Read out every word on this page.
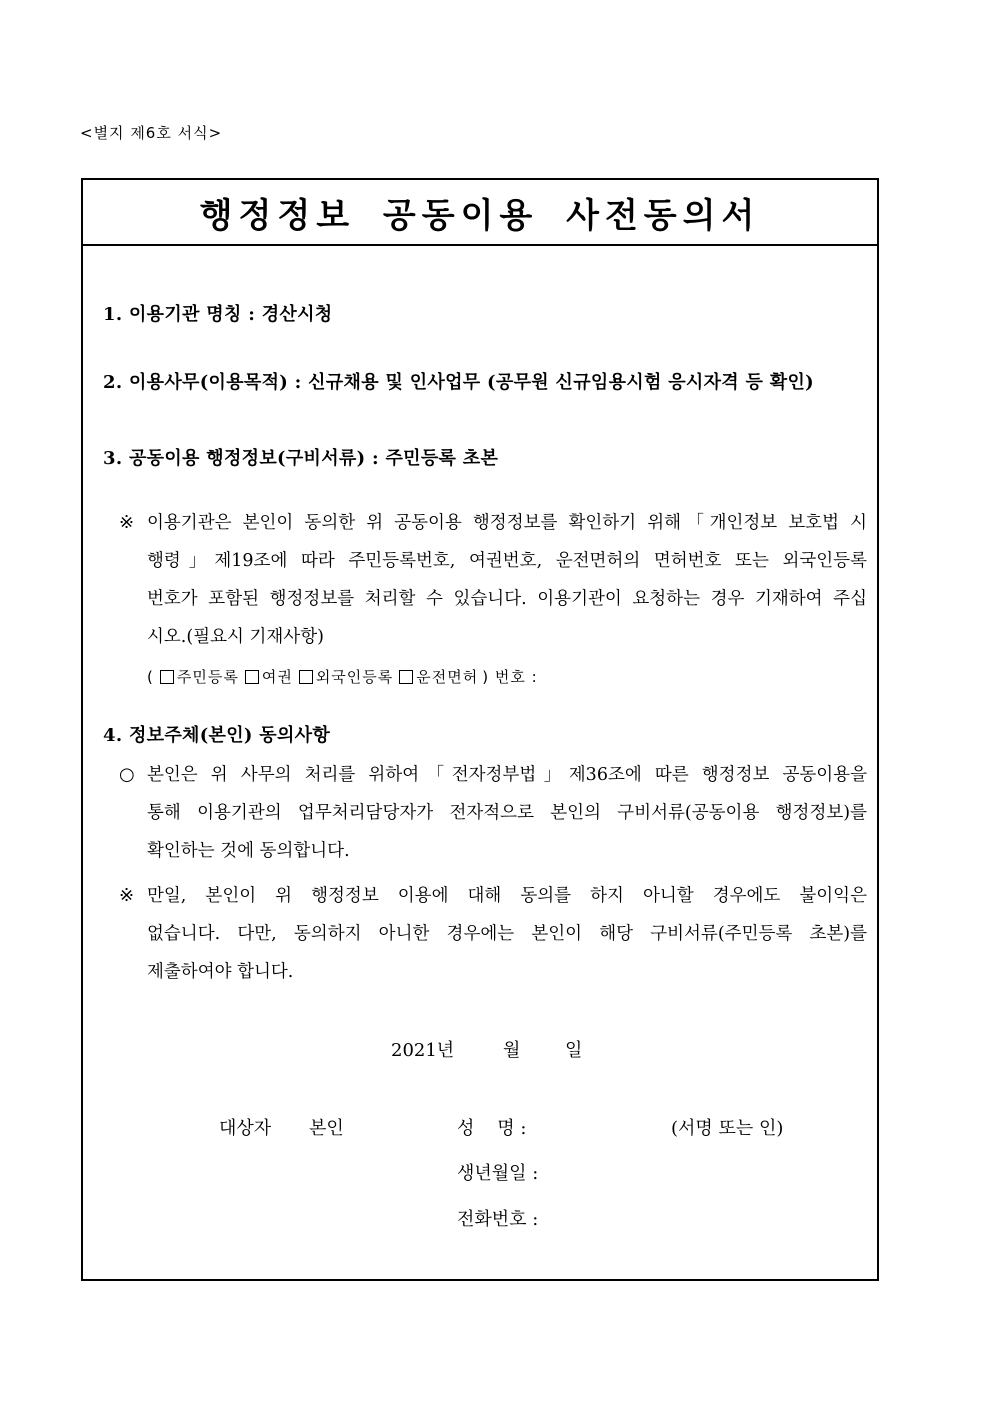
<별지 제6호 서식>
행정정보 공동이용 사전동의서
1. 이용기관 명칭 : 경산시청
2. 이용사무(이용목적) : 신규채용 및 인사업무 (공무원 신규임용시험 응시자격 등 확인)
3. 공동이용 행정정보(구비서류) : 주민등록 초본
※ 이용기관은 본인이 동의한 위 공동이용 행정정보를 확인하기 위해「개인정보 보호법 시
행령」제19조에 따라 주민등록번호, 여권번호, 운전면허의 면허번호 또는 외국인등록
번호가 포함된 행정정보를 처리할 수 있습니다. 이용기관이 요청하는 경우 기재하여 주십
시오.(필요시 기재사항)
( 주민등록 여권 외국인등록 운전면허 ) 번호 :
4. 정보주체(본인) 동의사항
○ 본인은 위 사무의 처리를 위하여「전자정부법」제36조에 따른 행정정보 공동이용을
통해 이용기관의 업무처리담당자가 전자적으로 본인의 구비서류(공동이용 행정정보)를
확인하는 것에 동의합니다.
※ 만일, 본인이 위 행정정보 이용에 대해 동의를 하지 아니할 경우에도 불이익은
없습니다. 다만, 동의하지 아니한 경우에는 본인이 해당 구비서류(주민등록 초본)를
제출하여야 합니다.
2021년	월 일
대상자 본인	성    명 :	(서명 또는 인)
생년월일 :
전화번호 :
